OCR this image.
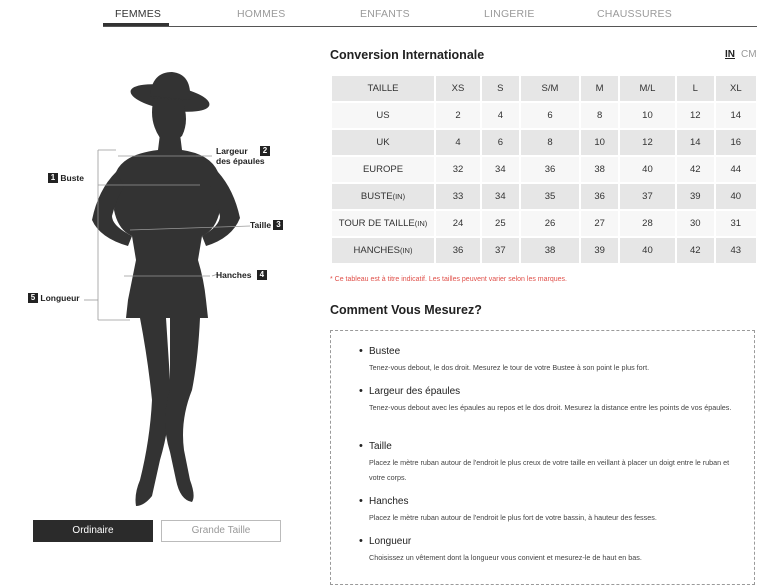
FEMMES	HOMMES	ENFANTS	LINGERIE	CHAUSSURES
1 Buste
Largeur 2
des épaules
Taille 3
Hanches 4
5 Longueur
Ordinaire	Grande Taille
Conversion Internationale	IN CM
TAILLE	XS	S	S/M	M	M/L	L	XL
US	2	4	6	8	10	12	14
UK	4	6	8	10	12	14	16
EUROPE	32	34	36	38	40	42	44
BUSTE(IN)	33	34	35	36	37	39	40
TOUR DE TAILLE(IN)	24	25	26	27	28	30	31
HANCHES(IN)	36	37	38	39	40	42	43
* Ce tableau est à titre indicatif. Les tailles peuvent varier selon les marques.
Comment Vous Mesurez?
• Bustee
Tenez-vous debout, le dos droit. Mesurez le tour de votre Bustee à son point le plus fort.
• Largeur des épaules
Tenez-vous debout avec les épaules au repos et le dos droit. Mesurez la distance entre les points de vos épaules.
• Taille
Placez le mètre ruban autour de l'endroit le plus creux de votre taille en veillant à placer un doigt entre le ruban et votre corps.
• Hanches
Placez le mètre ruban autour de l'endroit le plus fort de votre bassin, à hauteur des fesses.
• Longueur
Choisissez un vêtement dont la longueur vous convient et mesurez-le de haut en bas.
